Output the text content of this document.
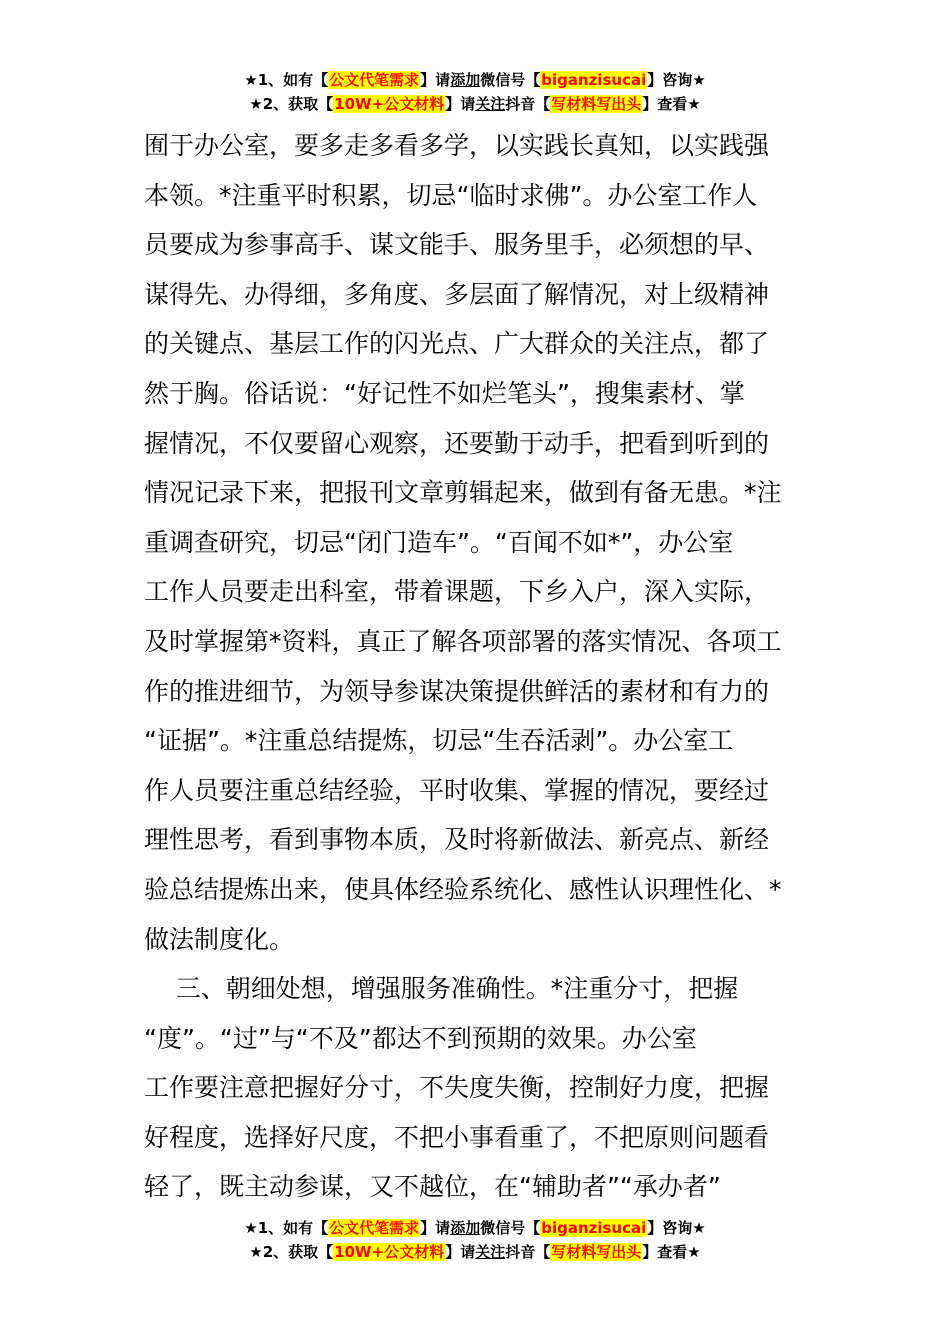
★1、如有【公文代笔需求】请添加微信号【biganzisucai】咨询★
★2、获取【10W+公文材料】请关注抖音【写材料写出头】查看★
囿于办公室，要多走多看多学，以实践长真知，以实践强
本领。*注重平时积累，切忌“临时求佛”。办公室工作人
员要成为参事高手、谋文能手、服务里手，必须想的早、
谋得先、办得细，多角度、多层面了解情况，对上级精神
的关键点、基层工作的闪光点、广大群众的关注点，都了
然于胸。俗话说：“好记性不如烂笔头”，搜集素材、掌
握情况，不仅要留心观察，还要勤于动手，把看到听到的
情况记录下来，把报刊文章剪辑起来，做到有备无患。*注
重调查研究，切忌“闭门造车”。“百闻不如*”，办公室
工作人员要走出科室，带着课题，下乡入户，深入实际，
及时掌握第*资料，真正了解各项部署的落实情况、各项工
作的推进细节，为领导参谋决策提供鲜活的素材和有力的
“证据”。*注重总结提炼，切忌“生吞活剥”。办公室工
作人员要注重总结经验，平时收集、掌握的情况，要经过
理性思考，看到事物本质，及时将新做法、新亮点、新经
验总结提炼出来，使具体经验系统化、感性认识理性化、*
做法制度化。
三、朝细处想，增强服务准确性。*注重分寸，把握
“度”。“过”与“不及”都达不到预期的效果。办公室
工作要注意把握好分寸，不失度失衡，控制好力度，把握
好程度，选择好尺度，不把小事看重了，不把原则问题看
轻了，既主动参谋，又不越位，在“辅助者”“承办者”
★1、如有【公文代笔需求】请添加微信号【biganzisucai】咨询★
★2、获取【10W+公文材料】请关注抖音【写材料写出头】查看★
